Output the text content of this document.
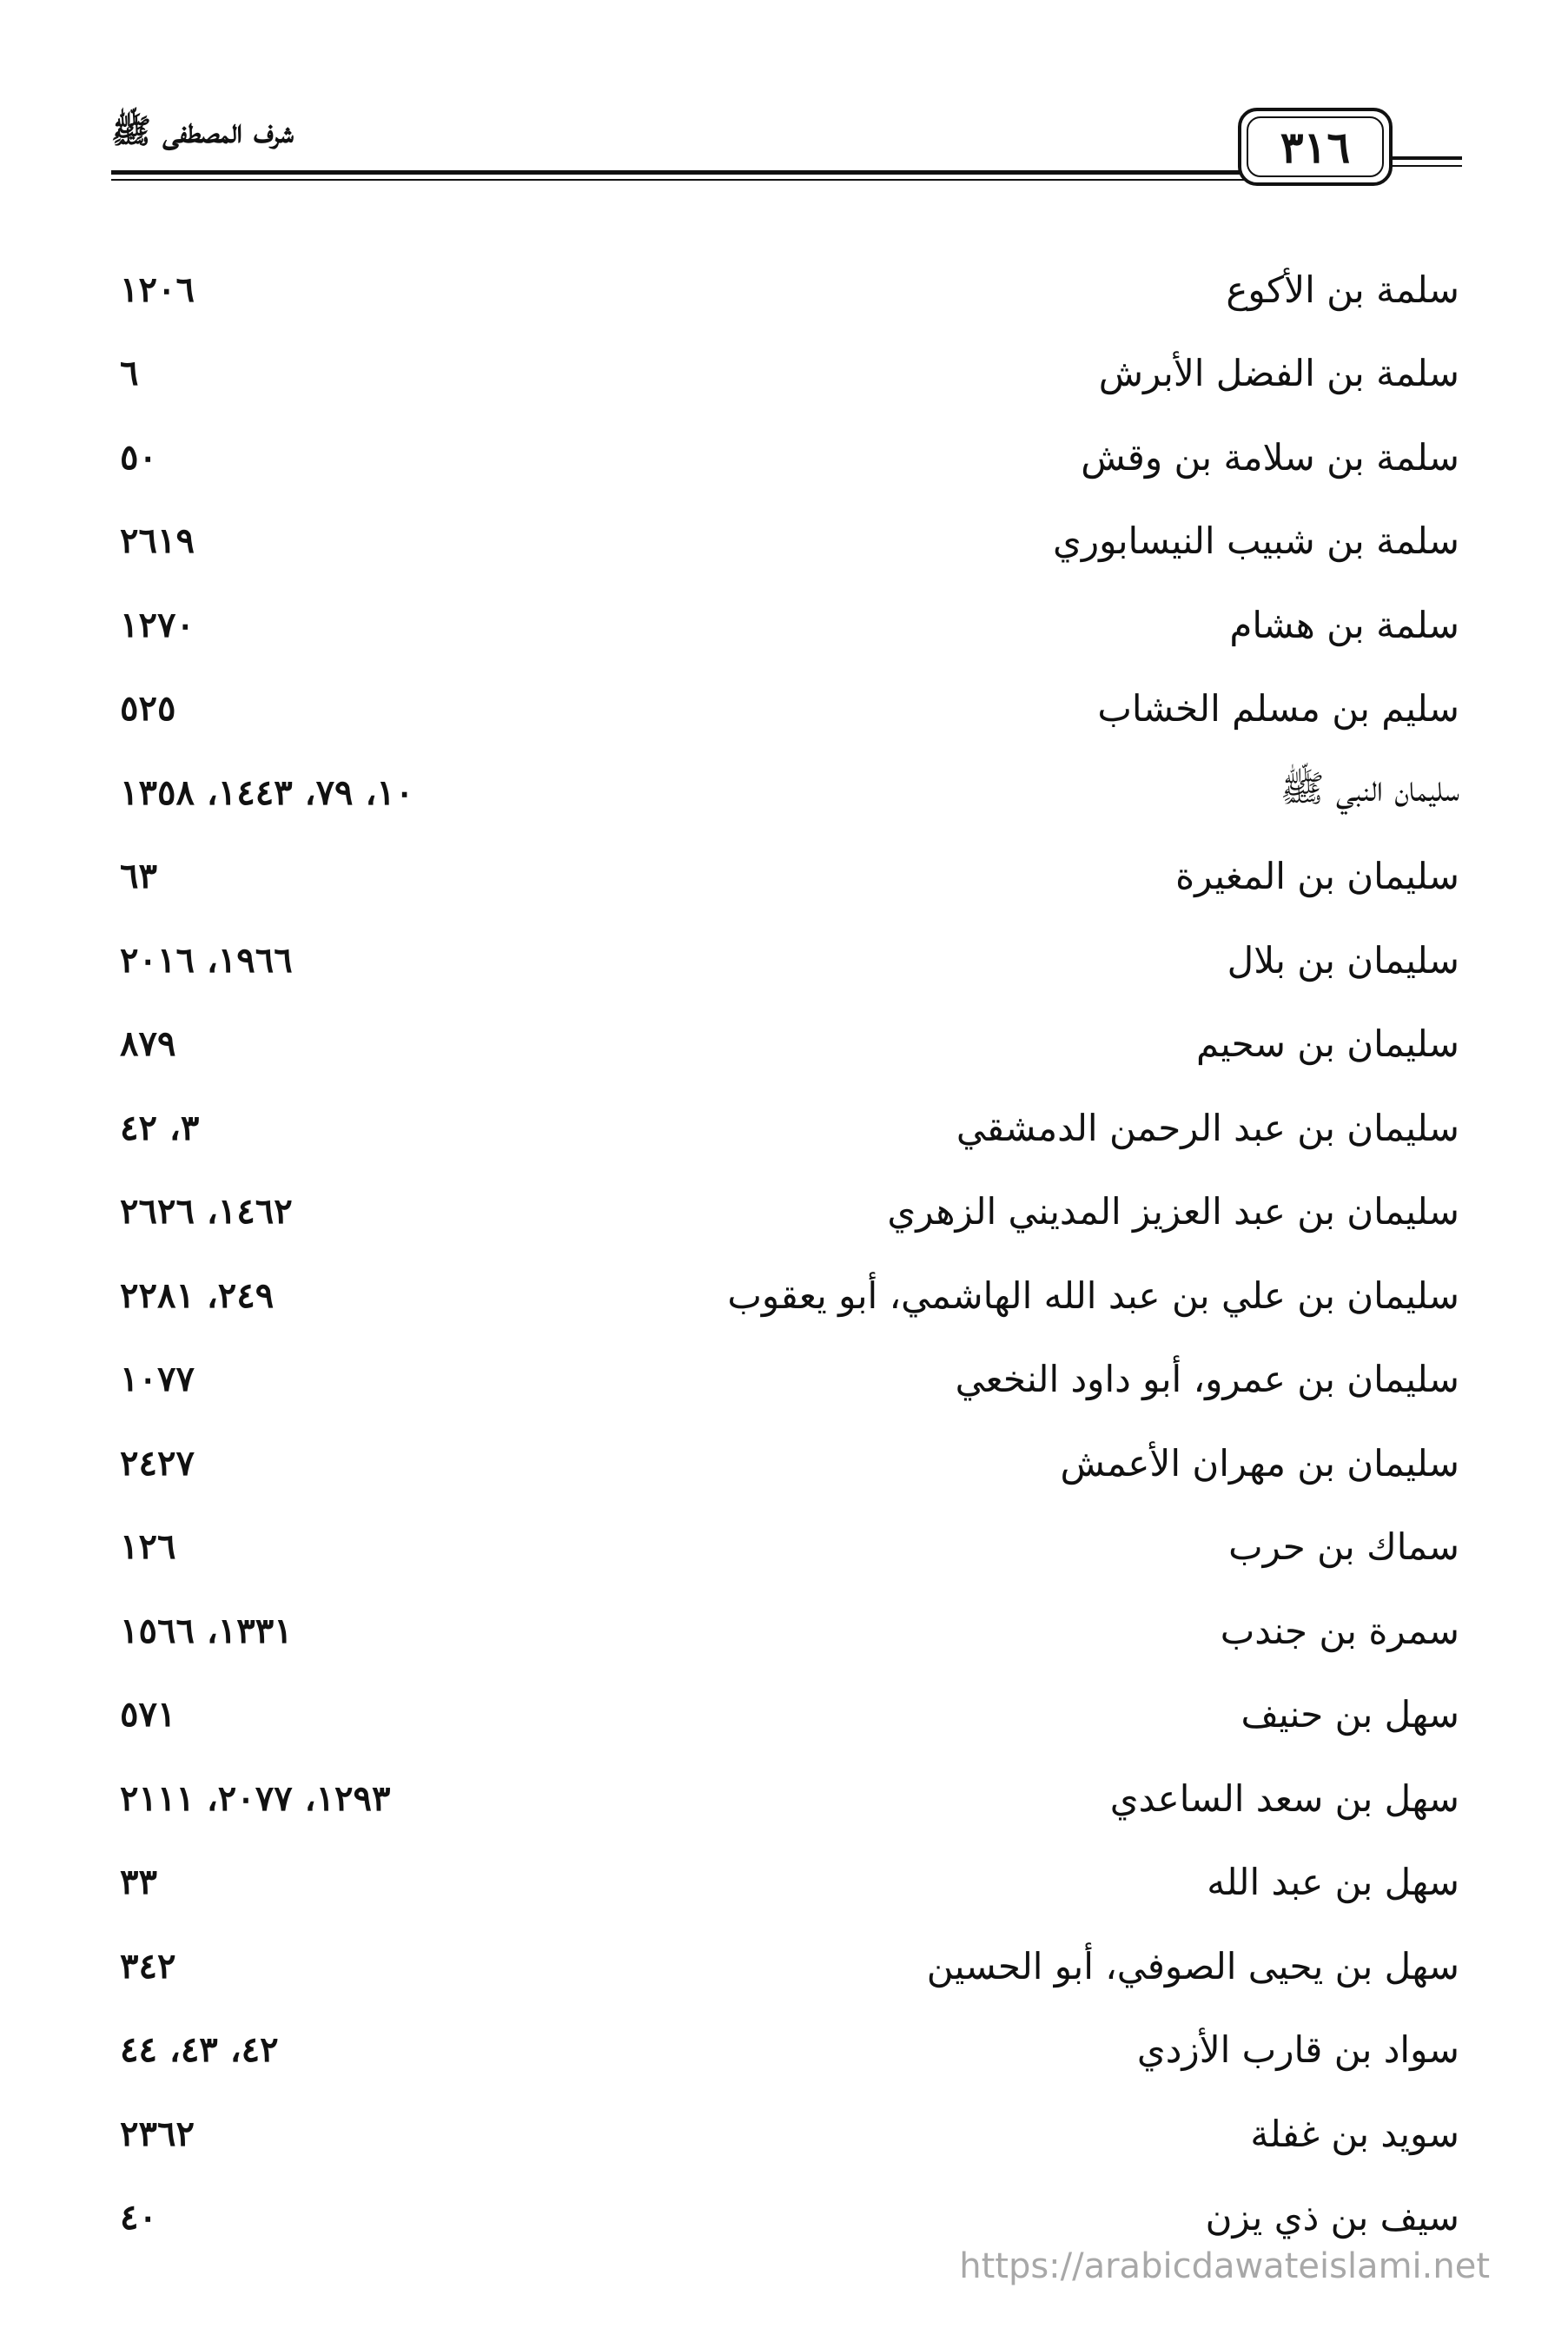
شرف المصطفى ﷺ	٣١٦
سلمة بن الأكوع
١٢٠٦
سلمة بن الفضل الأبرش
٦
سلمة بن سلامة بن وقش
٥٠
سلمة بن شبيب النيسابوري
٢٦١٩
سلمة بن هشام
١٢٧٠
سليم بن مسلم الخشاب
٥٢٥
سليمان النبي ﷺ
١٠، ٧٩، ١٤٤٣، ١٣٥٨
سليمان بن المغيرة
٦٣
سليمان بن بلال
١٩٦٦، ٢٠١٦
سليمان بن سحيم
٨٧٩
سليمان بن عبد الرحمن الدمشقي
٣، ٤٢
سليمان بن عبد العزيز المديني الزهري
١٤٦٢، ٢٦٢٦
سليمان بن علي بن عبد الله الهاشمي، أبو يعقوب
٢٤٩، ٢٢٨١
سليمان بن عمرو، أبو داود النخعي
١٠٧٧
سليمان بن مهران الأعمش
٢٤٢٧
سماك بن حرب
١٢٦
سمرة بن جندب
١٣٣١، ١٥٦٦
سهل بن حنيف
٥٧١
سهل بن سعد الساعدي
١٢٩٣، ٢٠٧٧، ٢١١١
سهل بن عبد الله
٣٣
سهل بن يحيى الصوفي، أبو الحسين
٣٤٢
سواد بن قارب الأزدي
٤٢، ٤٣، ٤٤
سويد بن غفلة
٢٣٦٢
سيف بن ذي يزن
٤٠
https://arabicdawateislami.net
